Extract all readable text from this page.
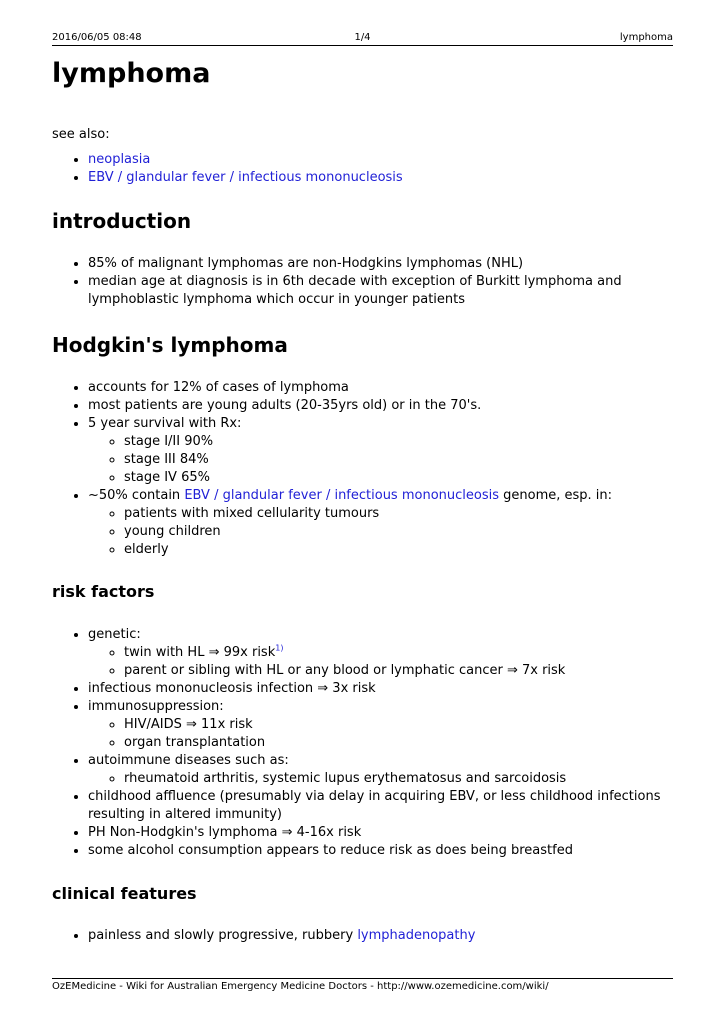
2016/06/05 08:48	1/4	lymphoma
lymphoma

see also:

• neoplasia
• EBV / glandular fever / infectious mononucleosis
introduction
• 85% of malignant lymphomas are non-Hodgkins lymphomas (NHL)
• median age at diagnosis is in 6th decade with exception of Burkitt lymphoma and lymphoblastic lymphoma which occur in younger patients
Hodgkin's lymphoma
• accounts for 12% of cases of lymphoma
• most patients are young adults (20-35yrs old) or in the 70's.
• 5 year survival with Rx:
◦ stage I/II 90%
◦ stage III 84%
◦ stage IV 65%
• ~50% contain EBV / glandular fever / infectious mononucleosis genome, esp. in:
◦ patients with mixed cellularity tumours
◦ young children
◦ elderly
risk factors
• genetic:
◦ twin with HL ⇒ 99x risk$^{1)}$
◦ parent or sibling with HL or any blood or lymphatic cancer ⇒ 7x risk
• infectious mononucleosis infection ⇒ 3x risk
• immunosuppression:
◦ HIV/AIDS ⇒ 11x risk
◦ organ transplantation
• autoimmune diseases such as:
◦ rheumatoid arthritis, systemic lupus erythematosus and sarcoidosis
• childhood affluence (presumably via delay in acquiring EBV, or less childhood infections resulting in altered immunity)
• PH Non-Hodgkin's lymphoma ⇒ 4-16x risk
• some alcohol consumption appears to reduce risk as does being breastfed
clinical features
• painless and slowly progressive, rubbery lymphadenopathy
OzEMedicine - Wiki for Australian Emergency Medicine Doctors - http://www.ozemedicine.com/wiki/
